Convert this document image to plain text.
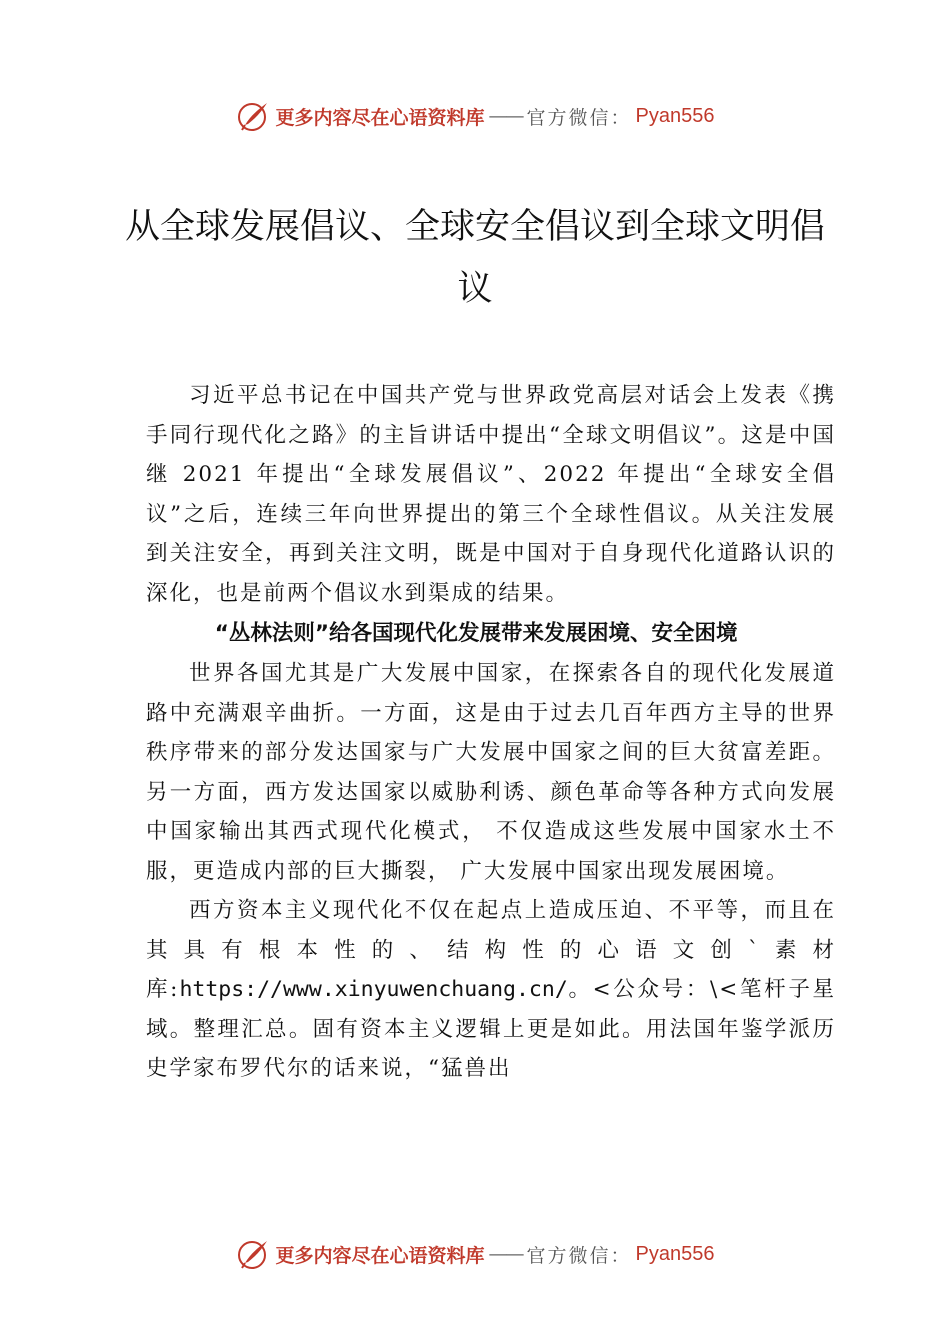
更多内容尽在心语资料库 —— 官方微信： Pyan556
从全球发展倡议、全球安全倡议到全球文明倡议

习近平总书记在中国共产党与世界政党高层对话会上发表《携手同行现代化之路》的主旨讲话中提出“全球文明倡议”。这是中国继 2021 年提出“全球发展倡议”、2022 年提出“全球安全倡议”之后，连续三年向世界提出的第三个全球性倡议。从关注发展到关注安全，再到关注文明，既是中国对于自身现代化道路认识的深化，也是前两个倡议水到渠成的结果。

“丛林法则”给各国现代化发展带来发展困境、安全困境

世界各国尤其是广大发展中国家，在探索各自的现代化发展道路中充满艰辛曲折。一方面，这是由于过去几百年西方主导的世界秩序带来的部分发达国家与广大发展中国家之间的巨大贫富差距。另一方面，西方发达国家以威胁利诱、颜色革命等各种方式向发展中国家输出其西式现代化模式， 不仅造成这些发展中国家水土不服，更造成内部的巨大撕裂， 广大发展中国家出现发展困境。

西方资本主义现代化不仅在起点上造成压迫、不平等，而且在其具有根本性的、结构性的心语文创`素材库:https://www.xinyuwenchuang.cn/。<公众号：\<笔杆子星域。整理汇总。固有资本主义逻辑上更是如此。用法国年鉴学派历史学家布罗代尔的话来说，“猛兽出

更多内容尽在心语资料库 —— 官方微信： Pyan556
